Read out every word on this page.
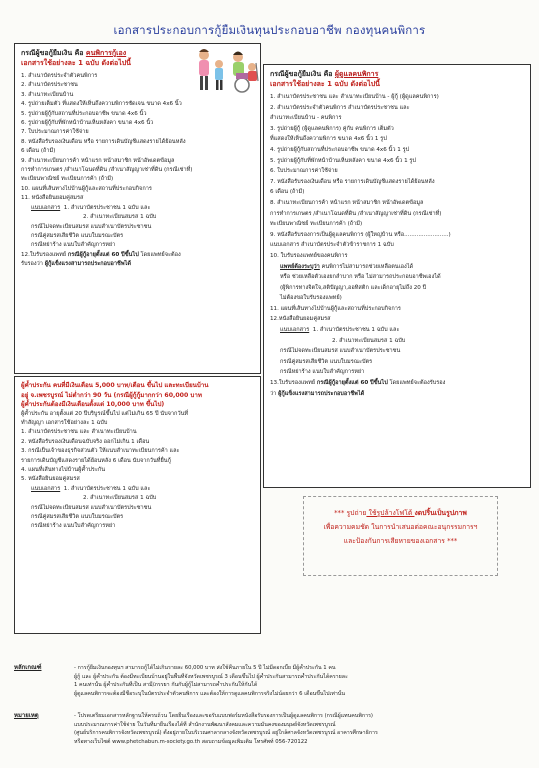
เอกสารประกอบการกู้ยืมเงินทุนประกอบอาชีพ กองทุนคนพิการ
กรณีผู้ขอกู้ยืมเงิน คือ คนพิการกู้เอง
เอกสารใช้อย่างละ 1 ฉบับ ดังต่อไปนี้
1. สำเนาบัตรประจำตัวคนพิการ
2. สำเนาบัตรประชาชน
3. สำเนาทะเบียนบ้าน
4. รูปถ่ายเต็มตัว ที่แสดงให้เห็นถึงความพิการชัดเจน ขนาด 4x6 นิ้ว
5. รูปถ่ายผู้กู้กับสถานที่ประกอบอาชีพ ขนาด 4x6 นิ้ว
6. รูปถ่ายผู้กู้กับที่พักหน้าบ้านเห็นหลังคา ขนาด 4x6 นิ้ว
7. ใบประมาณการค่าใช้จ่าย
8. หนังสือรับรองเงินเดือน หรือ รายการเดินบัญชีแสดงรายได้ย้อนหลัง
6 เดือน (ถ้ามี)
9. สำเนาทะเบียนการค้า หน้าแรก หน้าสมาชิก หน้าอัพเดตข้อมูล
การทำการเกษตร /สำเนาโฉนดที่ดิน /สำเนาสัญญาเช่าที่ดิน (กรณีเช่าที่)
ทะเบียนพาณิชย์ ทะเบียนการค้า (ถ้ามี)
10. แผนที่เส้นทางไปบ้านผู้กู้และสถานที่ประกอบกิจการ
11. หนังสือยินยอมคู่สมรส
แนบเอกสาร 1. สำเนาบัตรประชาชน 1 ฉบับ และ
2. สำเนาทะเบียนสมรส 1 ฉบับ
กรณีไม่จดทะเบียนสมรส แนบสำเนาบัตรประชาชน
กรณีคู่สมรสเสียชีวิต แนบใบมรณะบัตร
กรณีหย่าร้าง แนบใบสำคัญการหย่า
12.ใบรับรองแพทย์ กรณีผู้กู้อายุตั้งแต่ 60 ปีขึ้นไป โดยแพทย์จะต้อง
รับรองว่า ผู้กู้แข็งแรงสามารถประกอบอาชีพได้
ผู้ค้ำประกัน คนที่มีเงินเดือน 5,000 บาท/เดือน ขึ้นไป และทะเบียนบ้าน
อยู่ จ.เพชรบูรณ์ ไม่ต่ำกว่า 90 วัน (กรณีผู้กู้กู้มากกว่า 60,000 บาท
ผู้ค้ำประกันต้องมีเงินเดือนตั้งแต่ 10,000 บาท ขึ้นไป)
ผู้ค้ำประกัน อายุตั้งแต่ 20 ปีบริบูรณ์ขึ้นไป แต่ไม่เกิน 65 ปี นับจากวันที่
ทำสัญญา เอกสารใช้อย่างละ 1 ฉบับ
1. สำเนาบัตรประชาชน และ สำเนาทะเบียนบ้าน
2. หนังสือรับรองเงินเดือนฉบับจริง ออกไม่เกิน 1 เดือน
3. กรณีเป็นเจ้าของธุรกิจส่วนตัว ให้แนบสำเนาทะเบียนการค้า และ
รายการเดินบัญชีแสดงรายได้ย้อนหลัง 6 เดือน นับจากวันที่ยื่นกู้
4. แผนที่เส้นทางไปบ้านผู้ค้ำประกัน
5. หนังสือยินยอมคู่สมรส
แนบเอกสาร 1. สำเนาบัตรประชาชน 1 ฉบับ และ
2. สำเนาทะเบียนสมรส 1 ฉบับ
กรณีไม่จดทะเบียนสมรส แนบสำเนาบัตรประชาชน
กรณีคู่สมรสเสียชีวิต แนบใบมรณะบัตร
กรณีหย่าร้าง แนบใบสำคัญการหย่า
กรณีผู้ขอกู้ยืมเงิน คือ ผู้ดูแลคนพิการ
เอกสารใช้อย่างละ 1 ฉบับ ดังต่อไปนี้
1. สำเนาบัตรประชาชน และ สำเนาทะเบียนบ้าน - ผู้กู้ (ผู้ดูแลคนพิการ)
2. สำเนาบัตรประจำตัวคนพิการ สำเนาบัตรประชาชน และ
สำเนาทะเบียนบ้าน - คนพิการ
3. รูปถ่ายผู้กู้ (ผู้ดูแลคนพิการ) คู่กับ คนพิการ เต็มตัว
ที่แสดงให้เห็นถึงความพิการ ขนาด 4x6 นิ้ว 1 รูป
4. รูปถ่ายผู้กู้กับสถานที่ประกอบอาชีพ ขนาด 4x6 นิ้ว 1 รูป
5. รูปถ่ายผู้กู้กับที่พักหน้าบ้านเห็นหลังคา ขนาด 4x6 นิ้ว 1 รูป
6. ใบประมาณการค่าใช้จ่าย
7. หนังสือรับรองเงินเดือน หรือ รายการเดินบัญชีแสดงรายได้ย้อนหลัง
6 เดือน (ถ้ามี)
8. สำเนาทะเบียนการค้า หน้าแรก หน้าสมาชิก หน้าอัพเดตข้อมูล
การทำการเกษตร /สำเนาโฉนดที่ดิน /สำเนาสัญญาเช่าที่ดิน (กรณีเช่าที่)
ทะเบียนพาณิชย์ ทะเบียนการค้า (ถ้ามี)
9. หนังสือรับรองการเป็นผู้ดูแลคนพิการ (ผู้ใหญ่บ้าน หรือ.........................)
แนบเอกสาร สำเนาบัตรประจำตัวข้าราชการ 1 ฉบับ
10. ใบรับรองแพทย์ของคนพิการ
แพทย์ต้องระบุว่า คนพิการไม่สามารถช่วยเหลือตนเองได้
หรือ ช่วยเหลือตัวเองยกลำบาก หรือ ไม่สามารถประกอบอาชีพเองได้
(ผู้พิการทางจิตใจ,สติปัญญา,ออทิสติก และเด็กอายุไม่ถึง 20 ปี
ไม่ต้องขอใบรับรองแพทย์)
11. แผนที่เส้นทางไปบ้านผู้กู้และสถานที่ประกอบกิจการ
12.หนังสือยินยอมคู่สมรส
แนบเอกสาร 1. สำเนาบัตรประชาชน 1 ฉบับ และ
2. สำเนาทะเบียนสมรส 1 ฉบับ
กรณีไม่จดทะเบียนสมรส แนบสำเนาบัตรประชาชน
กรณีคู่สมรสเสียชีวิต แนบใบมรณะบัตร
กรณีหย่าร้าง แนบใบสำคัญการหย่า
13.ใบรับรองแพทย์ กรณีผู้กู้อายุตั้งแต่ 60 ปีขึ้นไป โดยแพทย์จะต้องรับรอง
ว่า ผู้กู้แข็งแรงสามารถประกอบอาชีพได้
*** รูปถ่าย ใช้รูปล้างโฟโต้ งดปริ้นเป็นรูปภาพ
เพื่อความคมชัด ในการนำเสนอต่อคณะอนุกรรมการฯ
และป้องกันการเสียหายของเอกสาร ***
หลักเกณฑ์	- การกู้ยืมเงินกองทุนฯ สามารถกู้ได้ไม่เกินรายละ 60,000 บาท ส่งใช้คืนภายใน 5 ปี ไม่มีดอกเบี้ย มีผู้ค้ำประกัน 1 คน
ผู้กู้ และ ผู้ค้ำประกัน ต้องมีทะเบียนบ้านอยู่ในพื้นที่จังหวัดเพชรบูรณ์ 3 เดือนขึ้นไป ผู้ค้ำประกันสามารถค้ำประกันได้ครายละ
1 คนเท่านั้น ผู้ค้ำประกันที่เป็น สามี/ภรรยา กันกับผู้กู้ไม่สามารถค้ำประกันให้กันได้
ผู้ดูแลคนพิการจะต้องมีชื่อระบุในบัตรประจำตัวคนพิการ และต้องให้การดูแลคนพิการจริงไม่น้อยกว่า 6 เดือนขึ้นไปเท่านั้น
หมายเหตุ	- โปรดเตรียมเอกสารหลักฐานให้ครบถ้วน โดยยื่นเรื่องและขอรับแบบฟอร์มหนังสือรับรองการเป็นผู้ดูแลคนพิการ (กรณีผู้แทนคนพิการ)
แบบประมาณการค่าใช้จ่าย ในวันที่มายื่นเรื่องได้ที่ สำนักงานพัฒนาสังคมและความมั่นคงของมนุษย์จังหวัดเพชรบูรณ์
(ศูนย์บริการคนพิการจังหวัดเพชรบูรณ์) ตั้งอยู่ภายในบริเวณศาลากลางจังหวัดเพชรบูรณ์ อยู่ใกล้ศาลจังหวัดเพชรบูรณ์ อาคารศึกษาธิการ
หรือทางเว็บไซต์ www.phetchabun.m-society.go.th สอบถามข้อมูลเพิ่มเติม โทรศัพท์ 056-720122
